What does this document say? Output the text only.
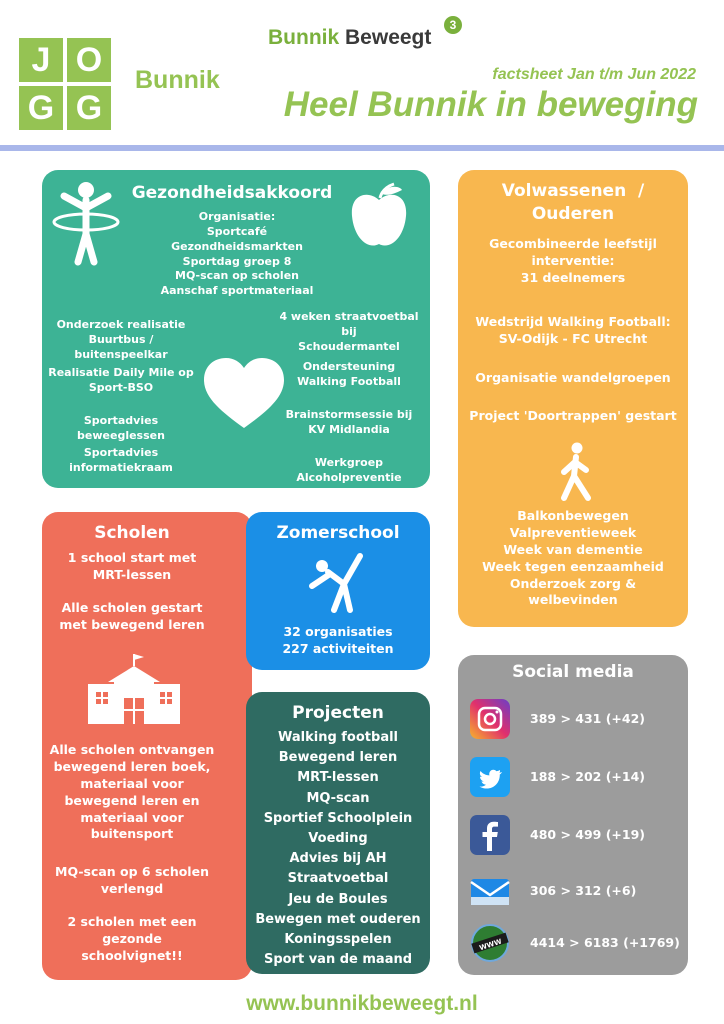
J O
G G
Bunnik
Bunnik Beweegt
3
factsheet Jan t/m Jun 2022
Heel Bunnik in beweging
Gezondheidsakkoord
Organisatie:
Sportcafé
Gezondheidsmarkten
Sportdag groep 8
MQ-scan op scholen
Aanschaf sportmateriaal
Onderzoek realisatie
Buurtbus / buitenspeelkar
Realisatie Daily Mile op
Sport-BSO
Sportadvies beweeglessen
Sportadvies
informatiekraam
4 weken straatvoetbal bij
Schoudermantel
Ondersteuning
Walking Football
Brainstormsessie bij
KV Midlandia
Werkgroep
Alcoholpreventie
Volwassenen  /
Ouderen
Gecombineerde leefstijl
interventie:
31 deelnemers
Wedstrijd Walking Football:
SV-Odijk - FC Utrecht
Organisatie wandelgroepen
Project 'Doortrappen' gestart
Balkonbewegen
Valpreventieweek
Week van dementie
Week tegen eenzaamheid
Onderzoek zorg &
welbevinden
Scholen
1 school start met
MRT-lessen
Alle scholen gestart
met bewegend leren
Alle scholen ontvangen
bewegend leren boek,
materiaal voor
bewegend leren en
materiaal voor
buitensport
MQ-scan op 6 scholen
verlengd
2 scholen met een
gezonde
schoolvignet!!
Zomerschool
32 organisaties
227 activiteiten
Projecten
Walking football
Bewegend leren
MRT-lessen
MQ-scan
Sportief Schoolplein
Voeding
Advies bij AH
Straatvoetbal
Jeu de Boules
Bewegen met ouderen
Koningsspelen
Sport van de maand
Social media
389 > 431 (+42)
188 > 202 (+14)
480 > 499 (+19)
306 > 312 (+6)
WWW 4414 > 6183 (+1769)
www.bunnikbeweegt.nl
